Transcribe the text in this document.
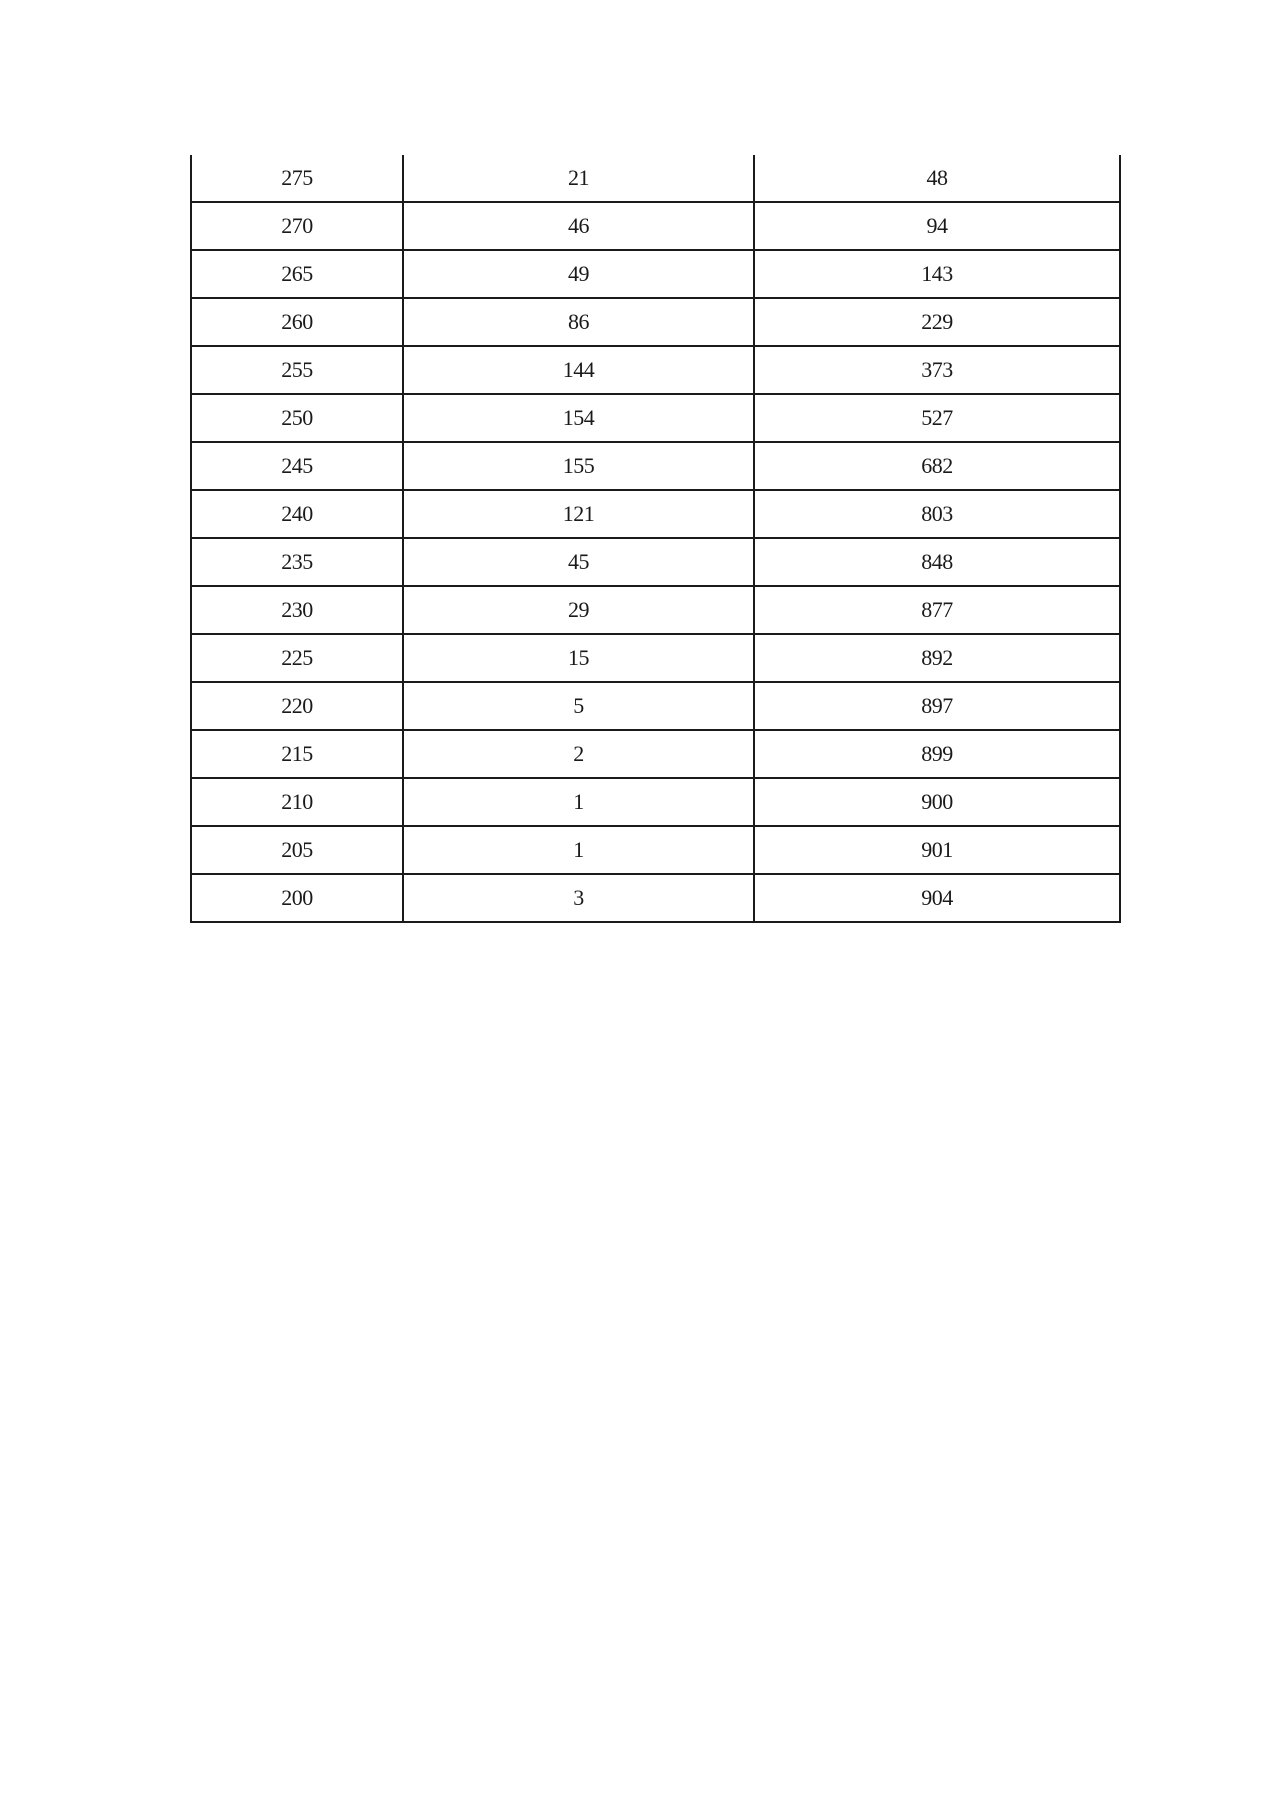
275	21	48
270	46	94
265	49	143
260	86	229
255	144	373
250	154	527
245	155	682
240	121	803
235	45	848
230	29	877
225	15	892
220	5	897
215	2	899
210	1	900
205	1	901
200	3	904
